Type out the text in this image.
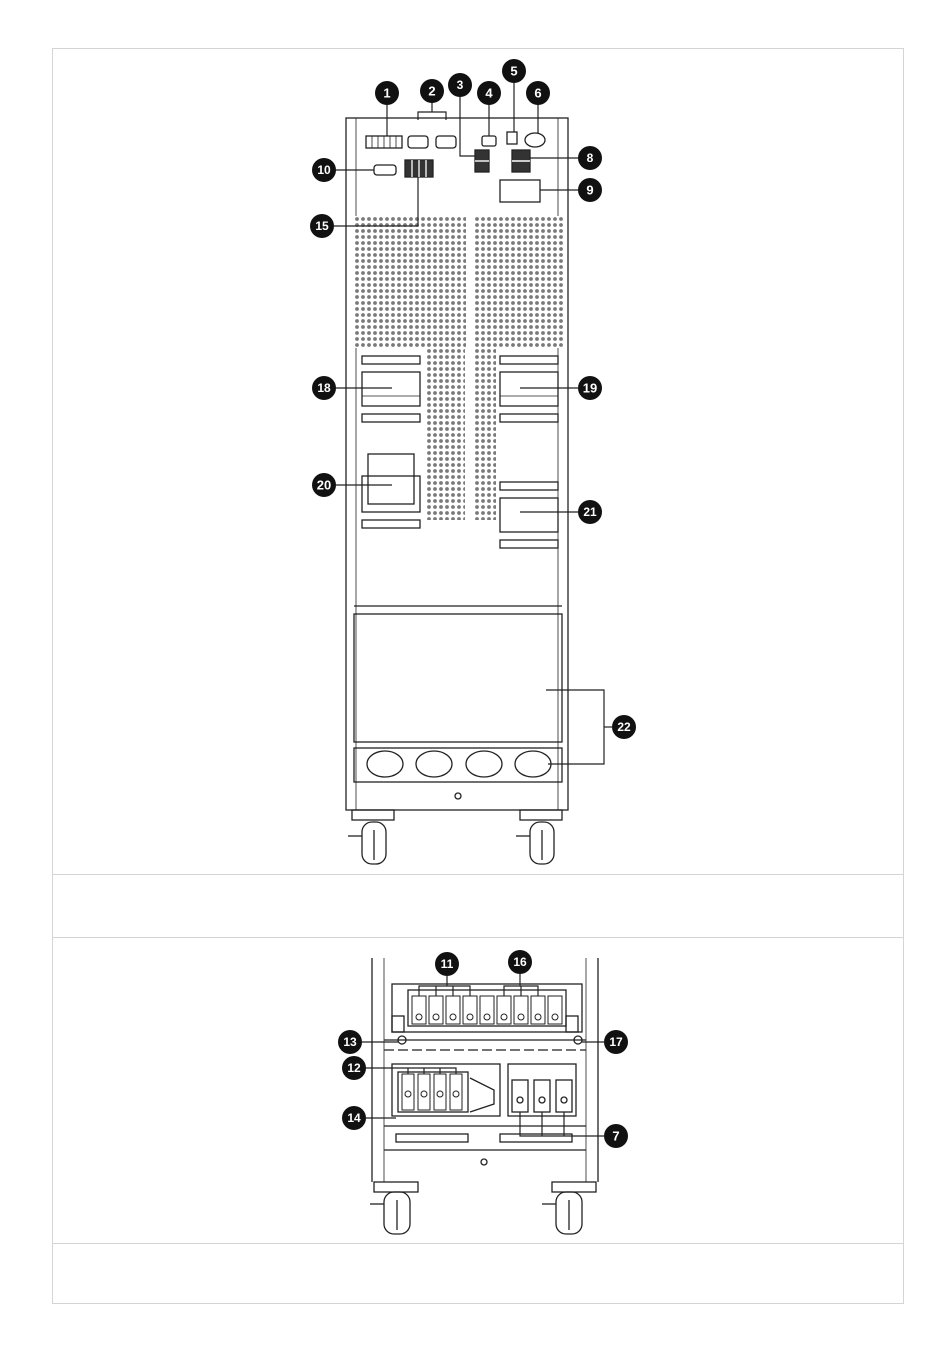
1	2 3
4
5
6
8
9
10
15
18	19
20
21
22
11	16
13	17
12
14
7
